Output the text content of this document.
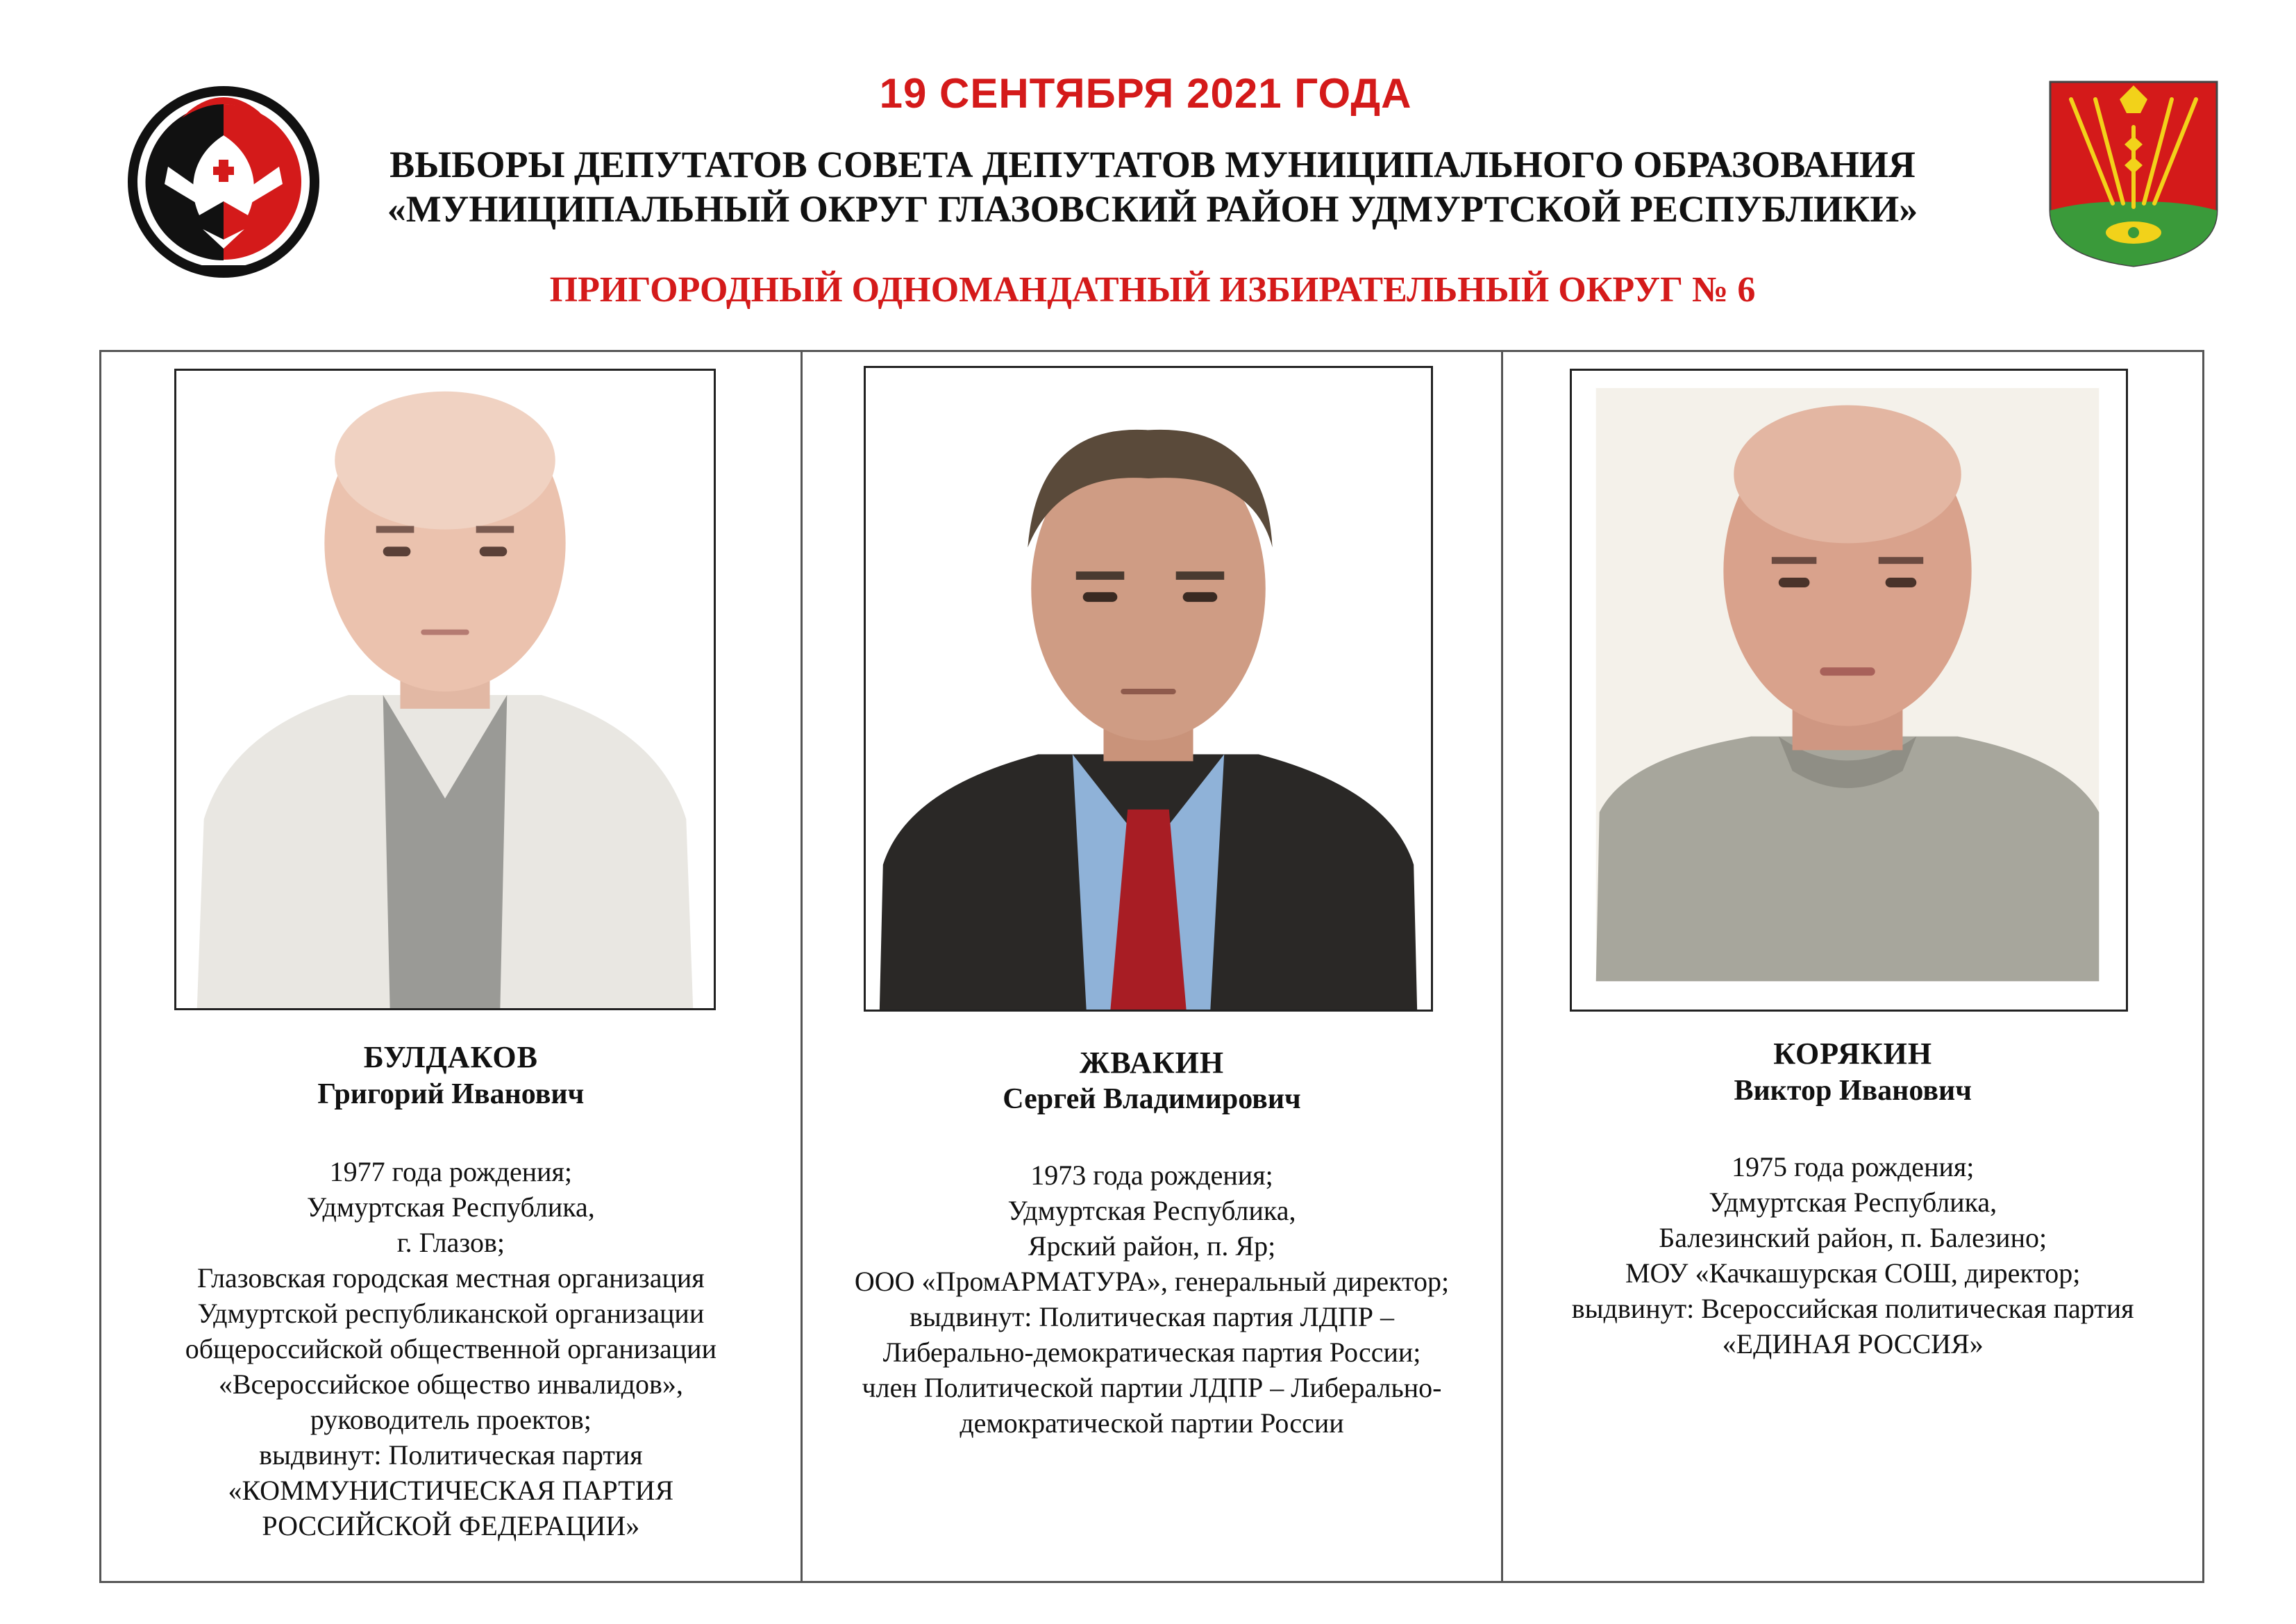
19 СЕНТЯБРЯ 2021 ГОДА
ВЫБОРЫ ДЕПУТАТОВ СОВЕТА ДЕПУТАТОВ МУНИЦИПАЛЬНОГО ОБРАЗОВАНИЯ
«МУНИЦИПАЛЬНЫЙ ОКРУГ ГЛАЗОВСКИЙ РАЙОН УДМУРТСКОЙ РЕСПУБЛИКИ»
ПРИГОРОДНЫЙ ОДНОМАНДАТНЫЙ ИЗБИРАТЕЛЬНЫЙ ОКРУГ № 6
БУЛДАКОВ
Григорий Иванович
1977 года рождения;
Удмуртская Республика,
г. Глазов;
Глазовская городская местная организация
Удмуртской республиканской организации
общероссийской общественной организации
«Всероссийское общество инвалидов»,
руководитель проектов;
выдвинут: Политическая партия
«КОММУНИСТИЧЕСКАЯ ПАРТИЯ
РОССИЙСКОЙ ФЕДЕРАЦИИ»
ЖВАКИН
Сергей Владимирович
1973 года рождения;
Удмуртская Республика,
Ярский район, п. Яр;
ООО «ПромАРМАТУРА», генеральный директор;
выдвинут: Политическая партия ЛДПР –
Либерально-демократическая партия России;
член Политической партии ЛДПР – Либерально-
демократической партии России
КОРЯКИН
Виктор Иванович
1975 года рождения;
Удмуртская Республика,
Балезинский район, п. Балезино;
МОУ «Качкашурская СОШ, директор;
выдвинут: Всероссийская политическая партия
«ЕДИНАЯ РОССИЯ»
